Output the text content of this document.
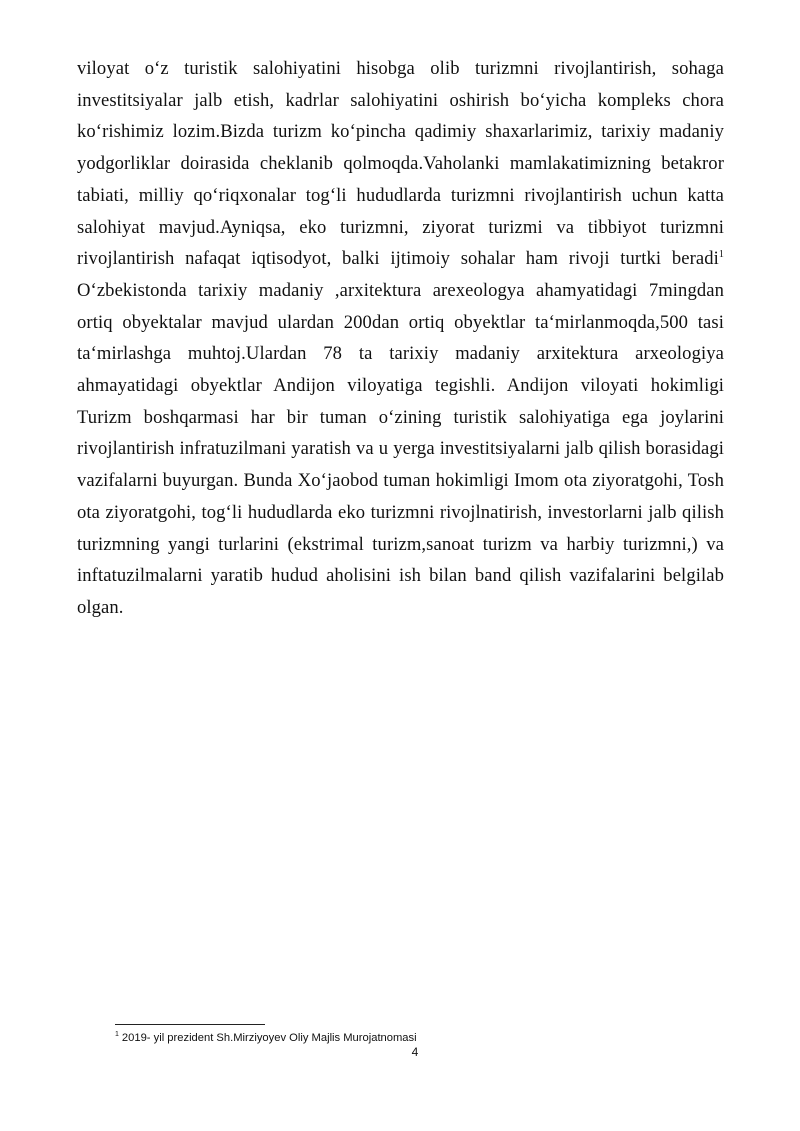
viloyat o‘z turistik salohiyatini hisobga olib turizmni rivojlantirish, sohaga investitsiyalar jalb etish, kadrlar salohiyatini oshirish bo‘yicha kompleks chora ko‘rishimiz lozim.Bizda turizm ko‘pincha qadimiy shaxarlarimiz, tarixiy madaniy yodgorliklar doirasida cheklanib qolmoqda.Vaholanki mamlakatimizning betakror tabiati, milliy qo‘riqxonalar tog‘li hududlarda turizmni rivojlantirish uchun katta salohiyat mavjud.Ayniqsa, eko turizmni, ziyorat turizmi va tibbiyot turizmni rivojlantirish nafaqat iqtisodyot, balki ijtimoiy sohalar ham rivoji turtki beradi$^1$ O‘zbekistonda tarixiy madaniy ,arxitektura arexeologya ahamyatidagi 7mingdan ortiq obyektalar mavjud ulardan 200dan ortiq obyektlar ta‘mirlanmoqda,500 tasi ta‘mirlashga muhtoj.Ulardan 78 ta tarixiy madaniy arxitektura arxeologiya ahmayatidagi obyektlar Andijon viloyatiga tegishli. Andijon viloyati hokimligi Turizm boshqarmasi har bir tuman o‘zining turistik salohiyatiga ega joylarini rivojlantirish infratuzilmani yaratish va u yerga investitsiyalarni jalb qilish borasidagi vazifalarni buyurgan. Bunda Xo‘jaobod tuman hokimligi Imom ota ziyoratgohi, Tosh ota ziyoratgohi, tog‘li hududlarda eko turizmni rivojlnatirish, investorlarni jalb qilish turizmning yangi turlarini (ekstrimal turizm,sanoat turizm va harbiy turizmni,) va inftatuzilmalarni yaratib hudud aholisini ish bilan band qilish vazifalarini belgilab olgan.

$^1$ 2019- yil prezident Sh.Mirziyoyev Oliy Majlis Murojatnomasi
4
